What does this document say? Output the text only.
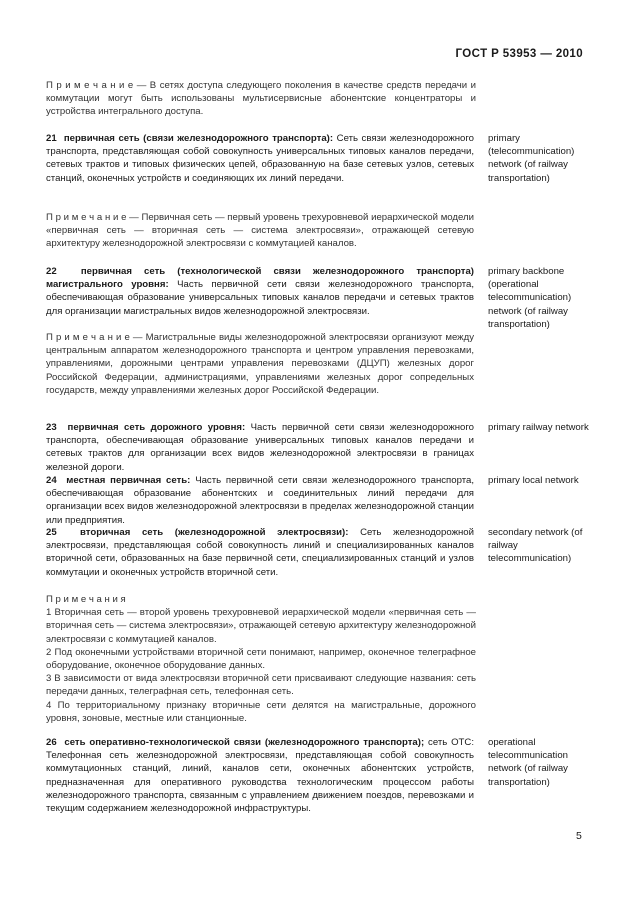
ГОСТ Р 53953 — 2010
П р и м е ч а н и е — В сетях доступа следующего поколения в качестве средств передачи и коммутации могут быть использованы мультисервисные абонентские концентраторы и устройства интегрального доступа.
21 первичная сеть (связи железнодорожного транспорта): Сеть связи железнодорожного транспорта, представляющая собой совокупность универсальных типовых каналов передачи, сетевых трактов и типовых физических цепей, образованную на базе сетевых узлов, сетевых станций, оконечных устройств и соединяющих их линий передачи.
primary (telecommunication) network (of railway transportation)
П р и м е ч а н и е — Первичная сеть — первый уровень трехуровневой иерархической модели «первичная сеть — вторичная сеть — система электросвязи», отражающей сетевую архитектуру железнодорожной электросвязи с коммутацией каналов.
22	первичная сеть (технологической связи железнодорожного транспорта) магистрального уровня: Часть первичной сети связи железнодорожного транспорта, обеспечивающая образование универсальных типовых каналов передачи и сетевых трактов для организации магистральных видов железнодорожной электросвязи.
primary backbone (operational telecommunication) network (of railway transportation)
П р и м е ч а н и е — Магистральные виды железнодорожной электросвязи организуют между центральным аппаратом железнодорожного транспорта и центром управления перевозками, управлениями, дорожными центрами управления перевозками (ДЦУП) железных дорог Российской Федерации, администрациями, управлениями железных дорог сопредельных государств, между управлениями железных дорог Российской Федерации.
23 первичная сеть дорожного уровня: Часть первичной сети связи железнодорожного транспорта, обеспечивающая образование универсальных типовых каналов передачи и сетевых трактов для организации всех видов железнодорожной электросвязи в границах железной дороги.
primary railway network
24 местная первичная сеть: Часть первичной сети связи железнодорожного транспорта, обеспечивающая образование абонентских и соединительных линий передачи для организации всех видов железнодорожной электросвязи в пределах железнодорожной станции или предприятия.
primary local network
25 вторичная сеть (железнодорожной электросвязи): Сеть железнодорожной электросвязи, представляющая собой совокупность линий и специализированных каналов вторичной сети, образованных на базе первичной сети, специализированных станций и узлов коммутации и оконечных устройств вторичной сети.
secondary network (of railway telecommunication)
П р и м е ч а н и я
1 Вторичная сеть — второй уровень трехуровневой иерархической модели «первичная сеть — вторичная сеть — система электросвязи», отражающей сетевую архитектуру железнодорожной электросвязи с коммутацией каналов.
2 Под оконечными устройствами вторичной сети понимают, например, оконечное телеграфное оборудование, оконечное оборудование данных.
3 В зависимости от вида электросвязи вторичной сети присваивают следующие названия: сеть передачи данных, телеграфная сеть, телефонная сеть.
4 По территориальному признаку вторичные сети делятся на магистральные, дорожного уровня, зоновые, местные или станционные.
26 сеть оперативно-технологической связи (железнодорожного транспорта); сеть ОТС: Телефонная сеть железнодорожной электросвязи, представляющая собой совокупность коммутационных станций, линий, каналов сети, оконечных абонентских устройств, предназначенная для оперативного руководства технологическим процессом работы железнодорожного транспорта, связанным с управлением движением поездов, перевозками и текущим содержанием железнодорожной инфраструктуры.
operational telecommunication network (of railway transportation)
5
